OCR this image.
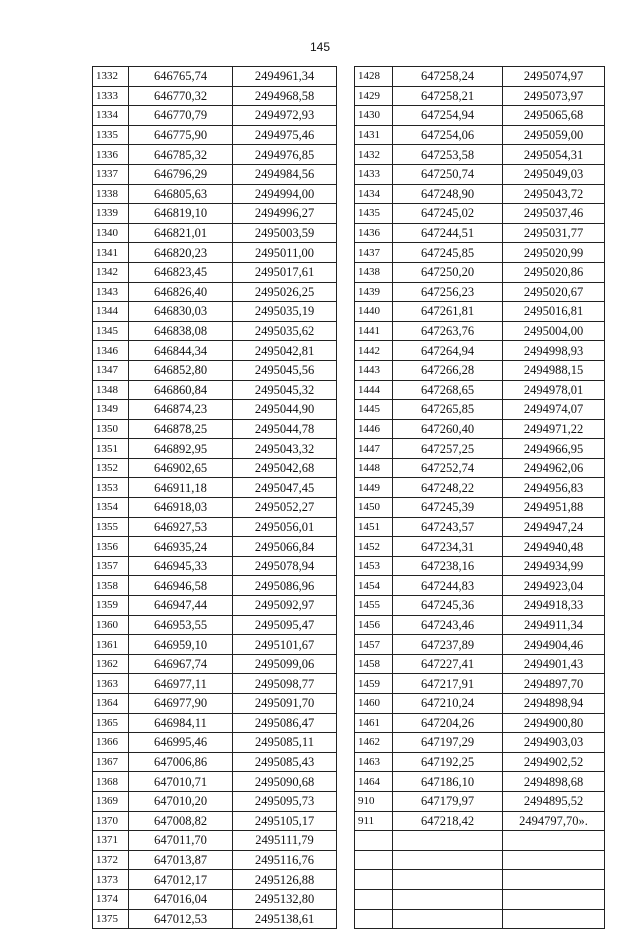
145
1332	646765,74	2494961,34
1333	646770,32	2494968,58
1334	646770,79	2494972,93
1335	646775,90	2494975,46
1336	646785,32	2494976,85
1337	646796,29	2494984,56
1338	646805,63	2494994,00
1339	646819,10	2494996,27
1340	646821,01	2495003,59
1341	646820,23	2495011,00
1342	646823,45	2495017,61
1343	646826,40	2495026,25
1344	646830,03	2495035,19
1345	646838,08	2495035,62
1346	646844,34	2495042,81
1347	646852,80	2495045,56
1348	646860,84	2495045,32
1349	646874,23	2495044,90
1350	646878,25	2495044,78
1351	646892,95	2495043,32
1352	646902,65	2495042,68
1353	646911,18	2495047,45
1354	646918,03	2495052,27
1355	646927,53	2495056,01
1356	646935,24	2495066,84
1357	646945,33	2495078,94
1358	646946,58	2495086,96
1359	646947,44	2495092,97
1360	646953,55	2495095,47
1361	646959,10	2495101,67
1362	646967,74	2495099,06
1363	646977,11	2495098,77
1364	646977,90	2495091,70
1365	646984,11	2495086,47
1366	646995,46	2495085,11
1367	647006,86	2495085,43
1368	647010,71	2495090,68
1369	647010,20	2495095,73
1370	647008,82	2495105,17
1371	647011,70	2495111,79
1372	647013,87	2495116,76
1373	647012,17	2495126,88
1374	647016,04	2495132,80
1375	647012,53	2495138,61
1428	647258,24	2495074,97
1429	647258,21	2495073,97
1430	647254,94	2495065,68
1431	647254,06	2495059,00
1432	647253,58	2495054,31
1433	647250,74	2495049,03
1434	647248,90	2495043,72
1435	647245,02	2495037,46
1436	647244,51	2495031,77
1437	647245,85	2495020,99
1438	647250,20	2495020,86
1439	647256,23	2495020,67
1440	647261,81	2495016,81
1441	647263,76	2495004,00
1442	647264,94	2494998,93
1443	647266,28	2494988,15
1444	647268,65	2494978,01
1445	647265,85	2494974,07
1446	647260,40	2494971,22
1447	647257,25	2494966,95
1448	647252,74	2494962,06
1449	647248,22	2494956,83
1450	647245,39	2494951,88
1451	647243,57	2494947,24
1452	647234,31	2494940,48
1453	647238,16	2494934,99
1454	647244,83	2494923,04
1455	647245,36	2494918,33
1456	647243,46	2494911,34
1457	647237,89	2494904,46
1458	647227,41	2494901,43
1459	647217,91	2494897,70
1460	647210,24	2494898,94
1461	647204,26	2494900,80
1462	647197,29	2494903,03
1463	647192,25	2494902,52
1464	647186,10	2494898,68
910	647179,97	2494895,52
911	647218,42	2494797,70».
